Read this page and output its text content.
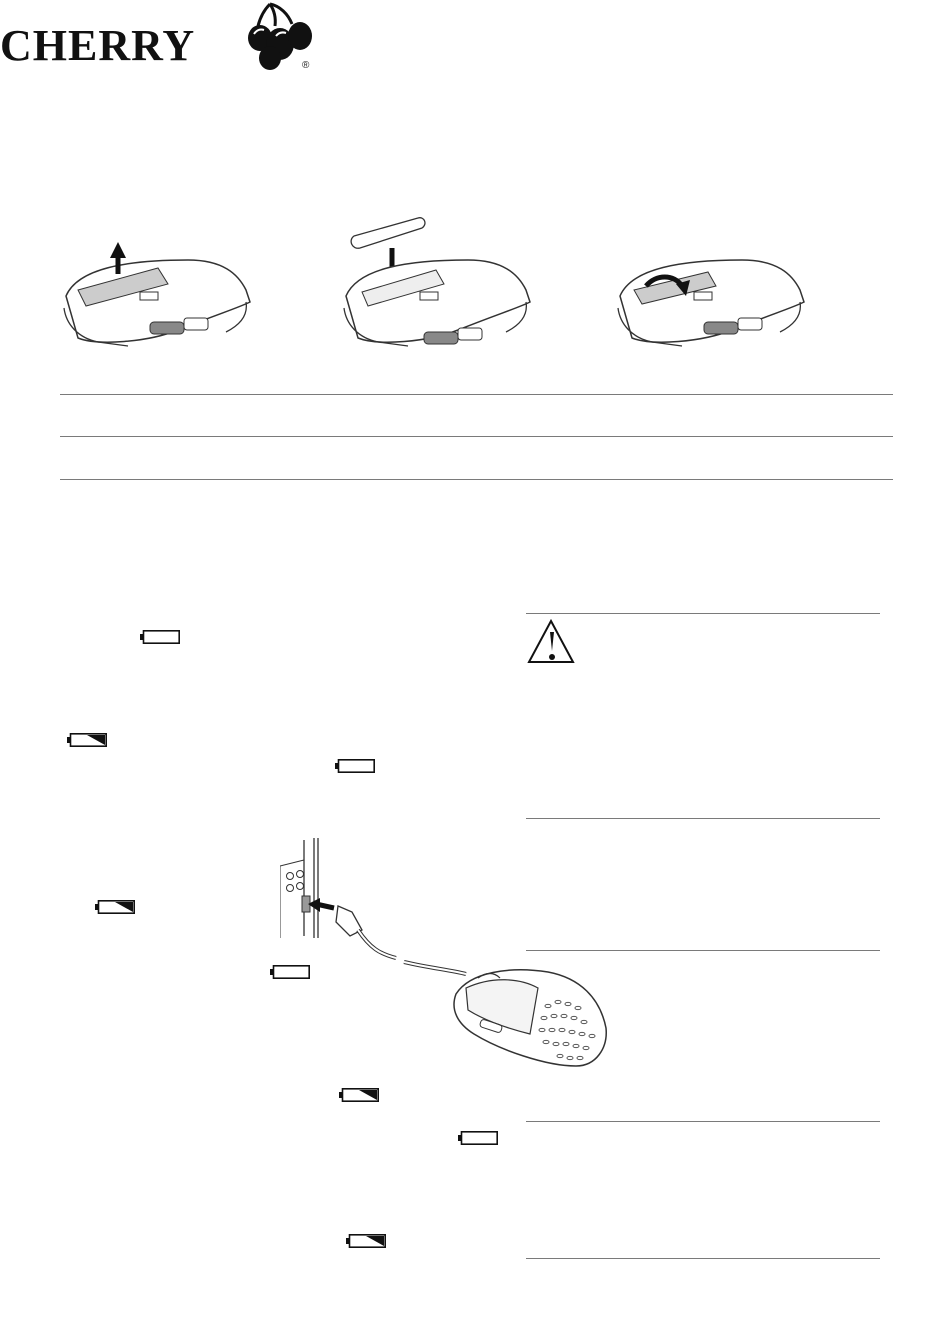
CHERRY	®
